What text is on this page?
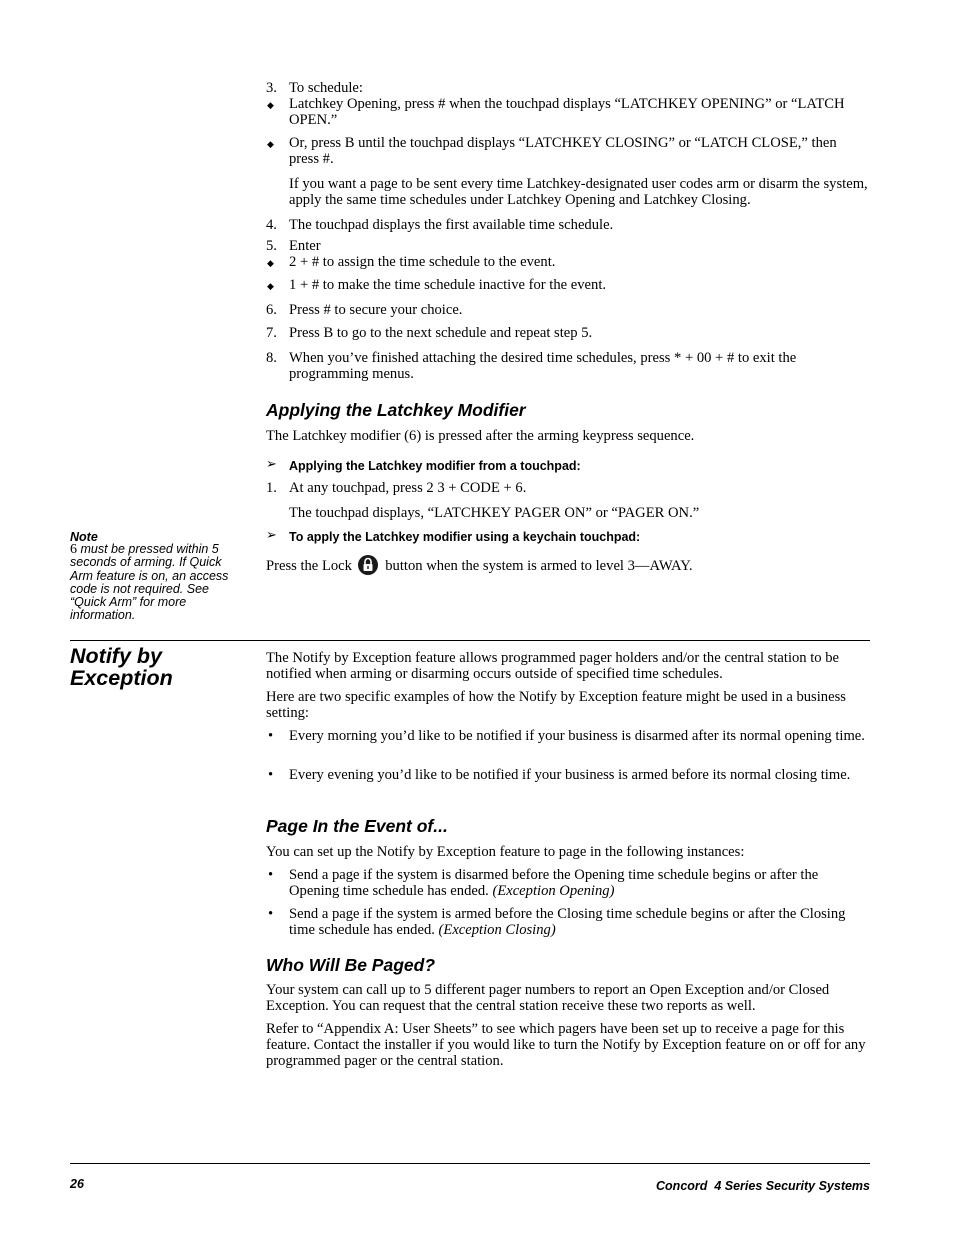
3. To schedule:
◆ Latchkey Opening, press # when the touchpad displays “LATCHKEY OPENING” or “LATCH OPEN.”
◆ Or, press B until the touchpad displays “LATCHKEY CLOSING” or “LATCH CLOSE,” then press #.
If you want a page to be sent every time Latchkey-designated user codes arm or disarm the system, apply the same time schedules under Latchkey Opening and Latchkey Closing.
4. The touchpad displays the first available time schedule.
5. Enter
◆ 2 + # to assign the time schedule to the event.
◆ 1 + # to make the time schedule inactive for the event.
6. Press # to secure your choice.
7. Press B to go to the next schedule and repeat step 5.
8. When you’ve finished attaching the desired time schedules, press * + 00 + # to exit the programming menus.
Applying the Latchkey Modifier
The Latchkey modifier (6) is pressed after the arming keypress sequence.
➢ Applying the Latchkey modifier from a touchpad:
1. At any touchpad, press 2 3 + CODE + 6.
The touchpad displays, “LATCHKEY PAGER ON” or “PAGER ON.”
➢ To apply the Latchkey modifier using a keychain touchpad:
Press the Lock button when the system is armed to level 3—AWAY.
Note
6 must be pressed within 5 seconds of arming. If Quick Arm feature is on, an access code is not required. See “Quick Arm” for more information.
Notify by
Exception
The Notify by Exception feature allows programmed pager holders and/or the central station to be notified when arming or disarming occurs outside of specified time schedules.
Here are two specific examples of how the Notify by Exception feature might be used in a business setting:
• Every morning you’d like to be notified if your business is disarmed after its normal opening time.
• Every evening you’d like to be notified if your business is armed before its normal closing time.
Page In the Event of...
You can set up the Notify by Exception feature to page in the following instances:
• Send a page if the system is disarmed before the Opening time schedule begins or after the Opening time schedule has ended. (Exception Opening)
• Send a page if the system is armed before the Closing time schedule begins or after the Closing time schedule has ended. (Exception Closing)
Who Will Be Paged?
Your system can call up to 5 different pager numbers to report an Open Exception and/or Closed Exception. You can request that the central station receive these two reports as well.
Refer to “Appendix A: User Sheets” to see which pagers have been set up to receive a page for this feature. Contact the installer if you would like to turn the Notify by Exception feature on or off for any programmed pager or the central station.
26	Concord  4 Series Security Systems
